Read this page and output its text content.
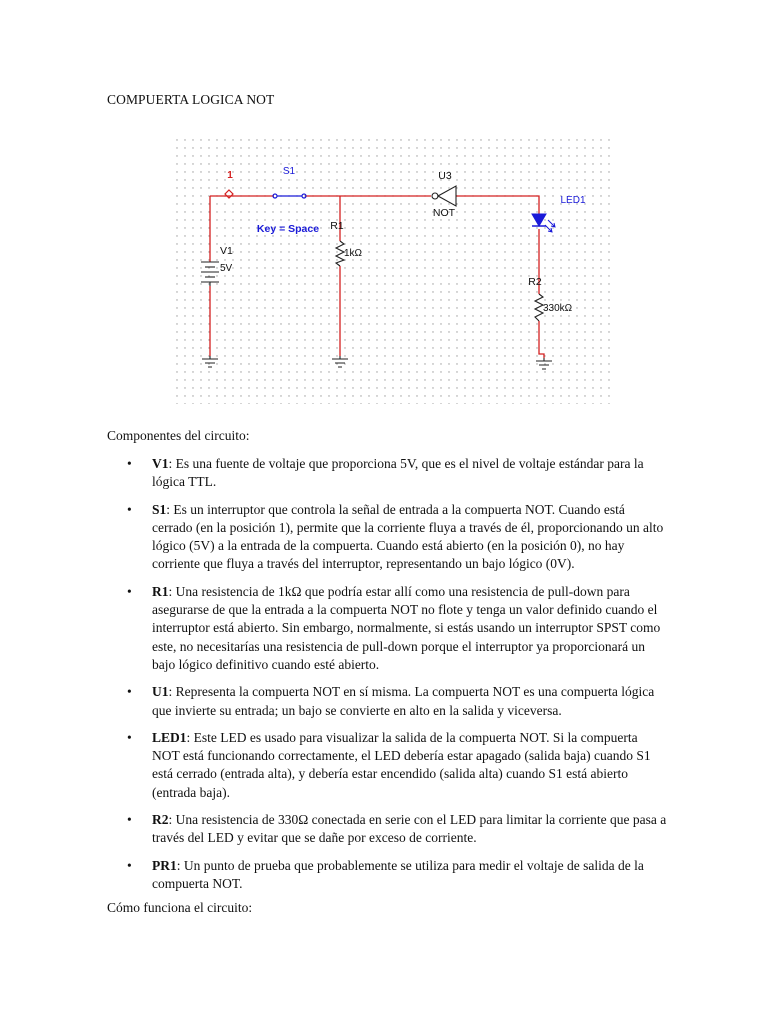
COMPUERTA LOGICA NOT
1	S1
Key = Space
U3
NOT
LED1
R1
1kΩ
V1
5V
R2
330kΩ

Componentes del circuito:

• V1: Es una fuente de voltaje que proporciona 5V, que es el nivel de voltaje estándar para la lógica TTL.
• S1: Es un interruptor que controla la señal de entrada a la compuerta NOT. Cuando está cerrado (en la posición 1), permite que la corriente fluya a través de él, proporcionando un alto lógico (5V) a la entrada de la compuerta. Cuando está abierto (en la posición 0), no hay corriente que fluya a través del interruptor, representando un bajo lógico (0V).
• R1: Una resistencia de 1kΩ que podría estar allí como una resistencia de pull-down para asegurarse de que la entrada a la compuerta NOT no flote y tenga un valor definido cuando el interruptor está abierto. Sin embargo, normalmente, si estás usando un interruptor SPST como este, no necesitarías una resistencia de pull-down porque el interruptor ya proporcionará un bajo lógico definitivo cuando esté abierto.
• U1: Representa la compuerta NOT en sí misma. La compuerta NOT es una compuerta lógica que invierte su entrada; un bajo se convierte en alto en la salida y viceversa.
• LED1: Este LED es usado para visualizar la salida de la compuerta NOT. Si la compuerta NOT está funcionando correctamente, el LED debería estar apagado (salida baja) cuando S1 está cerrado (entrada alta), y debería estar encendido (salida alta) cuando S1 está abierto (entrada baja).
• R2: Una resistencia de 330Ω conectada en serie con el LED para limitar la corriente que pasa a través del LED y evitar que se dañe por exceso de corriente.
• PR1: Un punto de prueba que probablemente se utiliza para medir el voltaje de salida de la compuerta NOT.

Cómo funciona el circuito:
